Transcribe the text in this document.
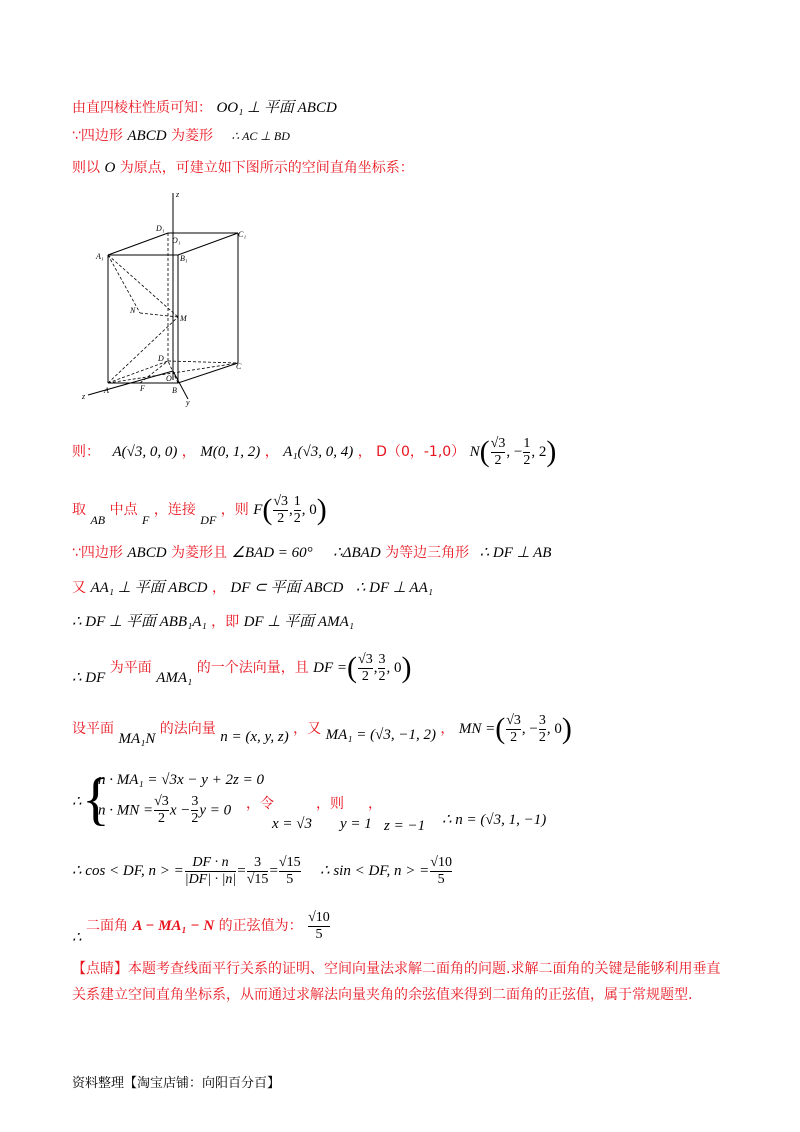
由直四棱柱性质可知： OO₁ ⊥ 平面 ABCD
∵四边形 ABCD 为菱形 ∴ AC ⊥ BD
则以 O 为原点，可建立如下图所示的空间直角坐标系：
z
D₁
O₁
C₁
A₁	B₁
N
M
D
O
C
A	F	B
y
z
则： A(√3, 0, 0) ， M(0, 1, 2) ， A₁(√3, 0, 4) ， D（0，-1,0） $N( \frac{√3}{2}$ , − $\frac{1}{2}$ , 2)
取 AB 中点 F ，连接 DF ，则 $F( \frac{√3}{2}$ , $\frac{1}{2}$ , 0)
∵四边形 ABCD 为菱形且 ∠BAD = 60° ∴ΔBAD 为等边三角形 ∴ DF ⊥ AB
又 AA₁ ⊥ 平面 ABCD ， DF ⊂ 平面 ABCD ∴ DF ⊥ AA₁
∴ DF ⊥ 平面 ABB₁A₁ ，即 DF ⊥ 平面 AMA₁
∴ DF 为平面 AMA₁ 的一个法向量，且 DF =( $\frac{√3}{2}$ , $\frac{3}{2}$ , 0)
设平面 MA₁N 的法向量 n = (x, y, z) ，又 MA₁ = (√3, −1, 2) ， MN =( $\frac{√3}{2}$ , − $\frac{3}{2}$ , 0)
∴ {
n · MA₁ = √3x − y + 2z = 0
n · MN = $\frac{√3}{2}$ $x - \frac{3}{2}$ y = 0 ，令
x = √3
，则
y = 1
，
z = −1 ∴ n = (√3, 1, −1)
∴ cos < DF, n > = $\frac{DF \cdot n}{|DF| \cdot |n|} = \frac{3}{√15} = \frac{√15}{5}$ ∴ sin < DF, n > = $\frac{√10}{5}$
∴ 二面角 A − MA₁ − N 的正弦值为： $\frac{√10}{5}$
【点睛】本题考查线面平行关系的证明、空间向量法求解二面角的问题.求解二面角的关键是能够利用垂直关系建立空间直角坐标系，从而通过求解法向量夹角的余弦值来得到二面角的正弦值，属于常规题型.
资料整理【淘宝店铺：向阳百分百】
